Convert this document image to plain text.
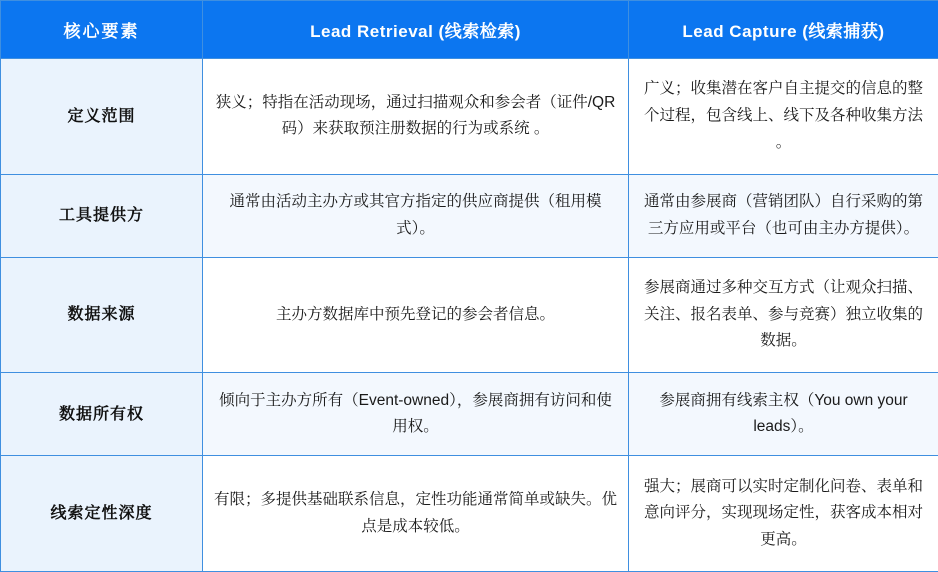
核心要素	Lead Retrieval (线索检索)	Lead Capture (线索捕获)
定义范围	狭义；特指在活动现场，通过扫描观众和参会者（证件/QR 码）来获取预注册数据的行为或系统 。	广义；收集潜在客户自主提交的信息的整个过程，包含线上、线下及各种收集方法 。

工具提供方	通常由活动主办方或其官方指定的供应商提供（租用模式）。	通常由参展商（营销团队）自行采购的第三方应用或平台（也可由主办方提供）。

数据来源	主办方数据库中预先登记的参会者信息。	参展商通过多种交互方式（让观众扫描、关注、报名表单、参与竞赛）独立收集的数据。

数据所有权	倾向于主办方所有（Event-owned），参展商拥有访问和使用权。	参展商拥有线索主权（You own your leads）。

线索定性深度	有限；多提供基础联系信息，定性功能通常简单或缺失。优点是成本较低。	强大；展商可以实时定制化问卷、表单和意向评分，实现现场定性，获客成本相对更高。
